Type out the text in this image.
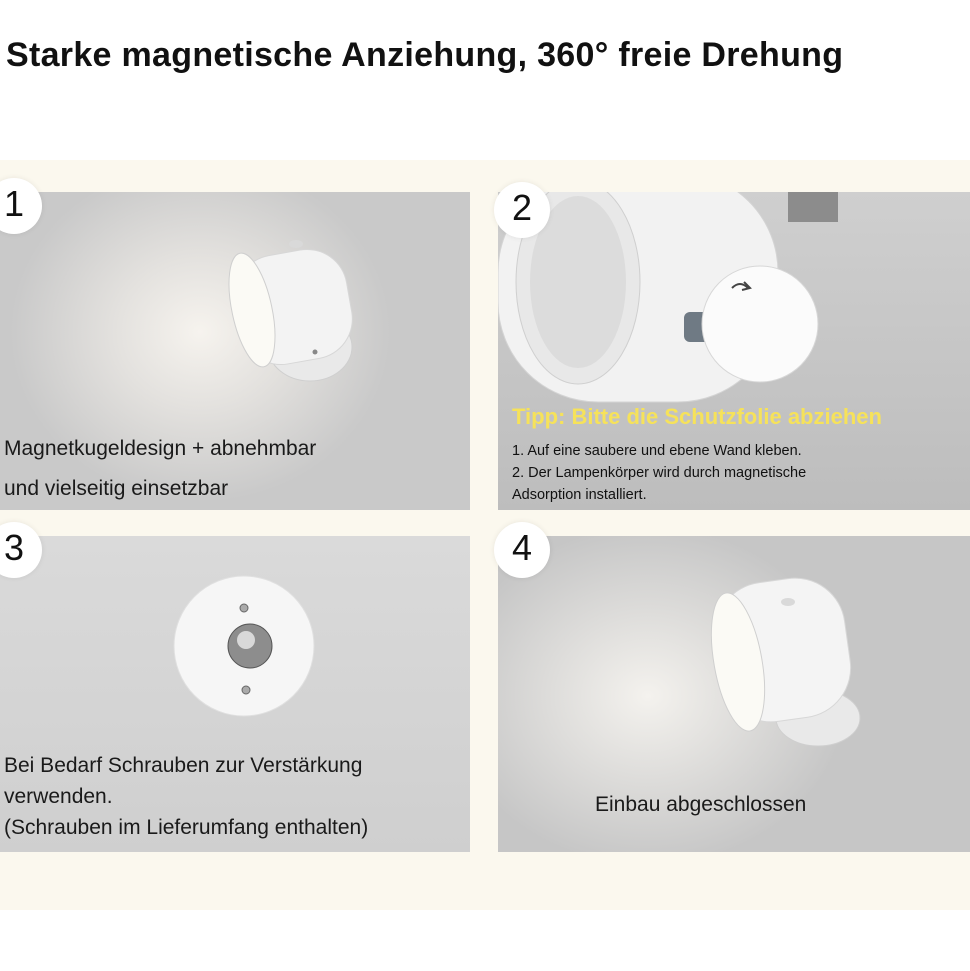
Starke magnetische Anziehung, 360° freie Drehung
1
Magnetkugeldesign + abnehmbar
und vielseitig einsetzbar
2
Tipp: Bitte die Schutzfolie abziehen
1. Auf eine saubere und ebene Wand kleben.
2. Der Lampenkörper wird durch magnetische
Adsorption installiert.
3
Bei Bedarf Schrauben zur Verstärkung
verwenden.
(Schrauben im Lieferumfang enthalten)
4
Einbau abgeschlossen
